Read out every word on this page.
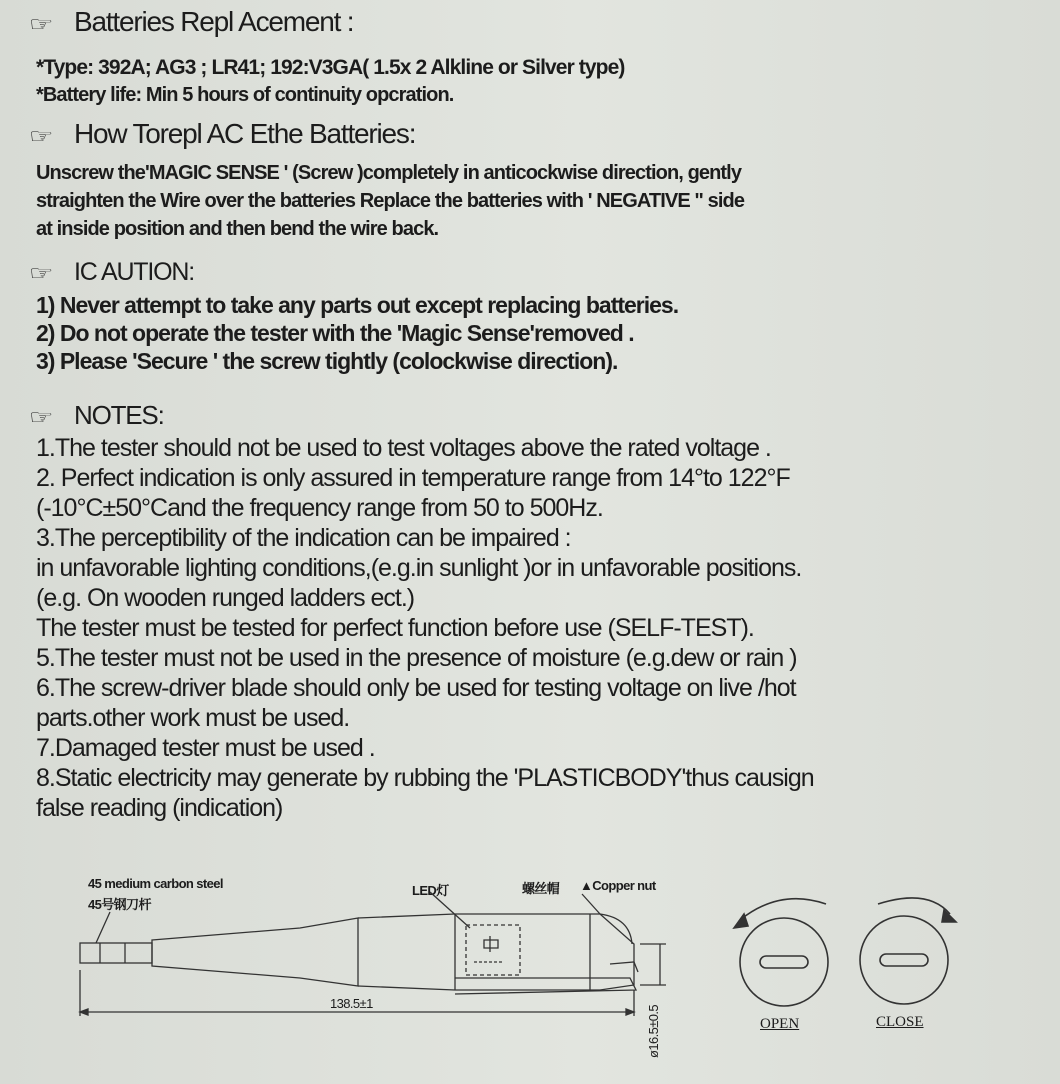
☞ Batteries Repl Acement :
*Type: 392A; AG3 ; LR41; 192:V3GA( 1.5x 2 Alkline or Silver type)
*Battery life: Min 5 hours of continuity opcration.
☞ How Torepl AC Ethe Batteries:
Unscrew the'MAGIC SENSE ' (Screw )completely in anticockwise direction, gently
straighten the Wire over the batteries Replace the batteries with ' NEGATIVE " side
at inside position and then bend the wire back.
☞ IC AUTION:
1) Never attempt to take any parts out except replacing batteries.
2) Do not operate the tester with the 'Magic Sense'removed .
3) Please 'Secure ' the screw tightly (colockwise direction).
☞ NOTES:
1.The tester should not be used to test voltages above the rated voltage .
2. Perfect indication is only assured in temperature range from 14°to 122°F
(-10°C±50°Cand the frequency range from 50 to 500Hz.
3.The perceptibility of the indication can be impaired :
in unfavorable lighting conditions,(e.g.in sunlight )or in unfavorable positions.
(e.g. On wooden runged ladders ect.)
The tester must be tested for perfect function before use (SELF-TEST).
5.The tester must not be used in the presence of moisture (e.g.dew or rain )
6.The screw-driver blade should only be used for testing voltage on live /hot
parts.other work must be used.
7.Damaged tester must be used .
8.Static electricity may generate by rubbing the 'PLASTICBODY'thus causign
false reading (indication)
45 medium carbon steel
45号钢刀杆
LED灯	螺丝帽 ▲Copper nut
138.5±1
ø16.5±0.5	OPEN	CLOSE
